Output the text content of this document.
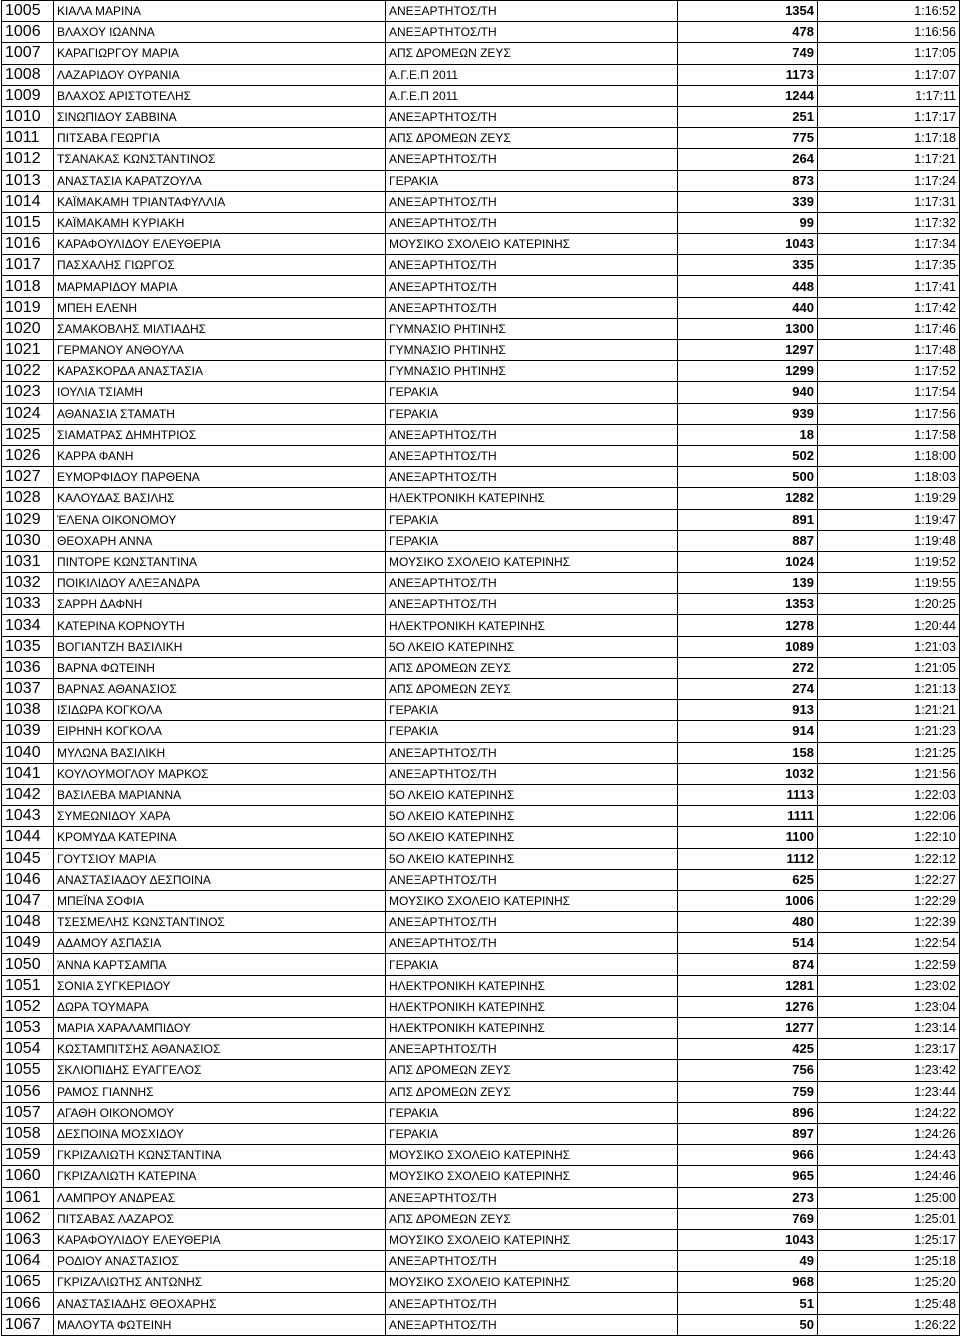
1005	ΚΙΑΛΑ ΜΑΡΙΝΑ	ΑΝΕΞΑΡΤΗΤΟΣ/ΤΗ	1354	1:16:52
1006	ΒΛΑΧΟΥ ΙΩΑΝΝΑ	ΑΝΕΞΑΡΤΗΤΟΣ/ΤΗ	478	1:16:56
1007	ΚΑΡΑΓΙΩΡΓΟΥ ΜΑΡΙΑ	ΑΠΣ ΔΡΟΜΕΩΝ ΖΕΥΣ	749	1:17:05
1008	ΛΑΖΑΡΙΔΟΥ ΟΥΡΑΝΙΑ	Α.Γ.Ε.Π 2011	1173	1:17:07
1009	ΒΛΑΧΟΣ ΑΡΙΣΤΟΤΕΛΗΣ	Α.Γ.Ε.Π 2011	1244	1:17:11
1010	ΣΙΝΩΠΙΔΟΥ ΣΑΒΒΙΝΑ	ΑΝΕΞΑΡΤΗΤΟΣ/ΤΗ	251	1:17:17
1011	ΠΙΤΣΑΒΑ ΓΕΩΡΓΙΑ	ΑΠΣ ΔΡΟΜΕΩΝ ΖΕΥΣ	775	1:17:18
1012	ΤΣΑΝΑΚΑΣ ΚΩΝΣΤΑΝΤΙΝΟΣ	ΑΝΕΞΑΡΤΗΤΟΣ/ΤΗ	264	1:17:21
1013	ΑΝΑΣΤΑΣΙΑ ΚΑΡΑΤΖΟΥΛΑ	ΓΕΡΑΚΙΑ	873	1:17:24
1014	ΚΑΪΜΑΚΑΜΗ ΤΡΙΑΝΤΑΦΥΛΛΙΑ	ΑΝΕΞΑΡΤΗΤΟΣ/ΤΗ	339	1:17:31
1015	ΚΑΪΜΑΚΑΜΗ ΚΥΡΙΑΚΗ	ΑΝΕΞΑΡΤΗΤΟΣ/ΤΗ	99	1:17:32
1016	ΚΑΡΑΦΟΥΛΙΔΟΥ ΕΛΕΥΘΕΡΙΑ	ΜΟΥΣΙΚΟ ΣΧΟΛΕΙΟ ΚΑΤΕΡΙΝΗΣ	1043	1:17:34
1017	ΠΑΣΧΑΛΗΣ ΓΙΩΡΓΟΣ	ΑΝΕΞΑΡΤΗΤΟΣ/ΤΗ	335	1:17:35
1018	ΜΑΡΜΑΡΙΔΟΥ ΜΑΡΙΑ	ΑΝΕΞΑΡΤΗΤΟΣ/ΤΗ	448	1:17:41
1019	ΜΠΕΗ ΕΛΕΝΗ	ΑΝΕΞΑΡΤΗΤΟΣ/ΤΗ	440	1:17:42
1020	ΣΑΜΑΚΟΒΛΗΣ ΜΙΛΤΙΑΔΗΣ	ΓΥΜΝΑΣΙΟ ΡΗΤΙΝΗΣ	1300	1:17:46
1021	ΓΕΡΜΑΝΟΥ ΑΝΘΟΥΛΑ	ΓΥΜΝΑΣΙΟ ΡΗΤΙΝΗΣ	1297	1:17:48
1022	ΚΑΡΑΣΚΟΡΔΑ ΑΝΑΣΤΑΣΙΑ	ΓΥΜΝΑΣΙΟ ΡΗΤΙΝΗΣ	1299	1:17:52
1023	ΙΟΥΛΙΑ ΤΣΙΑΜΗ	ΓΕΡΑΚΙΑ	940	1:17:54
1024	ΑΘΑΝΑΣΙΑ ΣΤΑΜΑΤΗ	ΓΕΡΑΚΙΑ	939	1:17:56
1025	ΣΙΑΜΑΤΡΑΣ ΔΗΜΗΤΡΙΟΣ	ΑΝΕΞΑΡΤΗΤΟΣ/ΤΗ	18	1:17:58
1026	ΚΑΡΡΑ ΦΑΝΗ	ΑΝΕΞΑΡΤΗΤΟΣ/ΤΗ	502	1:18:00
1027	ΕΥΜΟΡΦΙΔΟΥ ΠΑΡΘΕΝΑ	ΑΝΕΞΑΡΤΗΤΟΣ/ΤΗ	500	1:18:03
1028	ΚΑΛΟΥΔΑΣ ΒΑΣΙΛΗΣ	ΗΛΕΚΤΡΟΝΙΚΗ ΚΑΤΕΡΙΝΗΣ	1282	1:19:29
1029	ΈΛΕΝΑ ΟΙΚΟΝΟΜΟΥ	ΓΕΡΑΚΙΑ	891	1:19:47
1030	ΘΕΟΧΑΡΗ ΑΝΝΑ	ΓΕΡΑΚΙΑ	887	1:19:48
1031	ΠΙΝΤΟΡΕ ΚΩΝΣΤΑΝΤΙΝΑ	ΜΟΥΣΙΚΟ ΣΧΟΛΕΙΟ ΚΑΤΕΡΙΝΗΣ	1024	1:19:52
1032	ΠΟΙΚΙΛΙΔΟΥ ΑΛΕΞΑΝΔΡΑ	ΑΝΕΞΑΡΤΗΤΟΣ/ΤΗ	139	1:19:55
1033	ΣΑΡΡΗ ΔΑΦΝΗ	ΑΝΕΞΑΡΤΗΤΟΣ/ΤΗ	1353	1:20:25
1034	ΚΑΤΕΡΙΝΑ ΚΟΡΝΟΥΤΗ	ΗΛΕΚΤΡΟΝΙΚΗ ΚΑΤΕΡΙΝΗΣ	1278	1:20:44
1035	ΒΟΓΙΑΝΤΖΗ ΒΑΣΙΛΙΚΗ	5Ο ΛΚΕΙΟ ΚΑΤΕΡΙΝΗΣ	1089	1:21:03
1036	ΒΑΡΝΑ ΦΩΤΕΙΝΗ	ΑΠΣ ΔΡΟΜΕΩΝ ΖΕΥΣ	272	1:21:05
1037	ΒΑΡΝΑΣ ΑΘΑΝΑΣΙΟΣ	ΑΠΣ ΔΡΟΜΕΩΝ ΖΕΥΣ	274	1:21:13
1038	ΙΣΙΔΩΡΑ ΚΟΓΚΟΛΑ	ΓΕΡΑΚΙΑ	913	1:21:21
1039	ΕΙΡΗΝΗ ΚΟΓΚΟΛΑ	ΓΕΡΑΚΙΑ	914	1:21:23
1040	ΜΥΛΩΝΑ ΒΑΣΙΛΙΚΗ	ΑΝΕΞΑΡΤΗΤΟΣ/ΤΗ	158	1:21:25
1041	ΚΟΥΛΟΥΜΟΓΛΟΥ ΜΑΡΚΟΣ	ΑΝΕΞΑΡΤΗΤΟΣ/ΤΗ	1032	1:21:56
1042	ΒΑΣΙΛΕΒΑ ΜΑΡΙΑΝΝΑ	5Ο ΛΚΕΙΟ ΚΑΤΕΡΙΝΗΣ	1113	1:22:03
1043	ΣΥΜΕΩΝΙΔΟΥ ΧΑΡΑ	5Ο ΛΚΕΙΟ ΚΑΤΕΡΙΝΗΣ	1111	1:22:06
1044	ΚΡΟΜΥΔΑ ΚΑΤΕΡΙΝΑ	5Ο ΛΚΕΙΟ ΚΑΤΕΡΙΝΗΣ	1100	1:22:10
1045	ΓΟΥΤΣΙΟΥ ΜΑΡΙΑ	5Ο ΛΚΕΙΟ ΚΑΤΕΡΙΝΗΣ	1112	1:22:12
1046	ΑΝΑΣΤΑΣΙΑΔΟΥ ΔΕΣΠΟΙΝΑ	ΑΝΕΞΑΡΤΗΤΟΣ/ΤΗ	625	1:22:27
1047	ΜΠΕΪΝΑ ΣΟΦΙΑ	ΜΟΥΣΙΚΟ ΣΧΟΛΕΙΟ ΚΑΤΕΡΙΝΗΣ	1006	1:22:29
1048	ΤΣΕΣΜΕΛΗΣ ΚΩΝΣΤΑΝΤΙΝΟΣ	ΑΝΕΞΑΡΤΗΤΟΣ/ΤΗ	480	1:22:39
1049	ΑΔΑΜΟΥ ΑΣΠΑΣΙΑ	ΑΝΕΞΑΡΤΗΤΟΣ/ΤΗ	514	1:22:54
1050	ΆΝΝΑ ΚΑΡΤΣΑΜΠΑ	ΓΕΡΑΚΙΑ	874	1:22:59
1051	ΣΟΝΙΑ ΣΥΓΚΕΡΙΔΟΥ	ΗΛΕΚΤΡΟΝΙΚΗ ΚΑΤΕΡΙΝΗΣ	1281	1:23:02
1052	ΔΩΡΑ ΤΟΥΜΑΡΑ	ΗΛΕΚΤΡΟΝΙΚΗ ΚΑΤΕΡΙΝΗΣ	1276	1:23:04
1053	ΜΑΡΙΑ ΧΑΡΑΛΑΜΠΙΔΟΥ	ΗΛΕΚΤΡΟΝΙΚΗ ΚΑΤΕΡΙΝΗΣ	1277	1:23:14
1054	ΚΩΣΤΑΜΠΙΤΣΗΣ ΑΘΑΝΑΣΙΟΣ	ΑΝΕΞΑΡΤΗΤΟΣ/ΤΗ	425	1:23:17
1055	ΣΚΛΙΟΠΙΔΗΣ ΕΥΑΓΓΕΛΟΣ	ΑΠΣ ΔΡΟΜΕΩΝ ΖΕΥΣ	756	1:23:42
1056	ΡΑΜΟΣ ΓΙΑΝΝΗΣ	ΑΠΣ ΔΡΟΜΕΩΝ ΖΕΥΣ	759	1:23:44
1057	ΑΓΑΘΗ ΟΙΚΟΝΟΜΟΥ	ΓΕΡΑΚΙΑ	896	1:24:22
1058	ΔΕΣΠΟΙΝΑ ΜΟΣΧΙΔΟΥ	ΓΕΡΑΚΙΑ	897	1:24:26
1059	ΓΚΡΙΖΑΛΙΩΤΗ ΚΩΝΣΤΑΝΤΙΝΑ	ΜΟΥΣΙΚΟ ΣΧΟΛΕΙΟ ΚΑΤΕΡΙΝΗΣ	966	1:24:43
1060	ΓΚΡΙΖΑΛΙΩΤΗ ΚΑΤΕΡΙΝΑ	ΜΟΥΣΙΚΟ ΣΧΟΛΕΙΟ ΚΑΤΕΡΙΝΗΣ	965	1:24:46
1061	ΛΑΜΠΡΟΥ ΑΝΔΡΕΑΣ	ΑΝΕΞΑΡΤΗΤΟΣ/ΤΗ	273	1:25:00
1062	ΠΙΤΣΑΒΑΣ ΛΑΖΑΡΟΣ	ΑΠΣ ΔΡΟΜΕΩΝ ΖΕΥΣ	769	1:25:01
1063	ΚΑΡΑΦΟΥΛΙΔΟΥ ΕΛΕΥΘΕΡΙΑ	ΜΟΥΣΙΚΟ ΣΧΟΛΕΙΟ ΚΑΤΕΡΙΝΗΣ	1043	1:25:17
1064	ΡΟΔΙΟΥ ΑΝΑΣΤΑΣΙΟΣ	ΑΝΕΞΑΡΤΗΤΟΣ/ΤΗ	49	1:25:18
1065	ΓΚΡΙΖΑΛΙΩΤΗΣ ΑΝΤΩΝΗΣ	ΜΟΥΣΙΚΟ ΣΧΟΛΕΙΟ ΚΑΤΕΡΙΝΗΣ	968	1:25:20
1066	ΑΝΑΣΤΑΣΙΑΔΗΣ ΘΕΟΧΑΡΗΣ	ΑΝΕΞΑΡΤΗΤΟΣ/ΤΗ	51	1:25:48
1067	ΜΑΛΟΥΤΑ ΦΩΤΕΙΝΗ	ΑΝΕΞΑΡΤΗΤΟΣ/ΤΗ	50	1:26:22
